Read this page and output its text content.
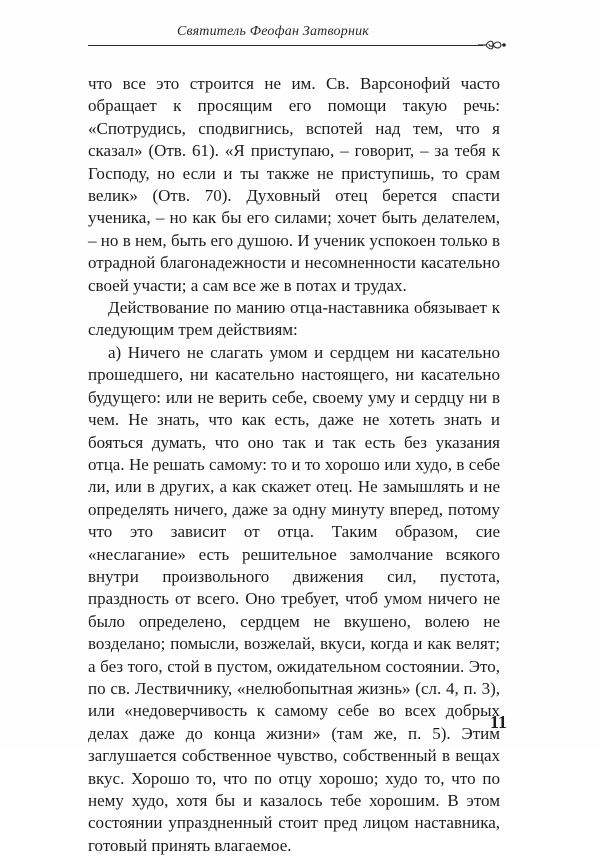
Святитель Феофан Затворник

что все это строится не им. Св. Варсонофий часто обращает к просящим его помощи такую речь: «Спотрудись, сподвигнись, вспотей над тем, что я сказал» (Отв. 61). «Я приступаю, – говорит, – за тебя к Господу, но если и ты также не приступишь, то срам велик» (Отв. 70). Духовный отец берется спасти ученика, – но как бы его силами; хочет быть делателем, – но в нем, быть его душою. И ученик успокоен только в отрадной благонадежности и несомненности касательно своей участи; а сам все же в потах и трудах.

Действование по манию отца-наставника обязывает к следующим трем действиям:

а) Ничего не слагать умом и сердцем ни касательно прошедшего, ни касательно настоящего, ни касательно будущего: или не верить себе, своему уму и сердцу ни в чем. Не знать, что как есть, даже не хотеть знать и бояться думать, что оно так и так есть без указания отца. Не решать самому: то и то хорошо или худо, в себе ли, или в других, а как скажет отец. Не замышлять и не определять ничего, даже за одну минуту вперед, потому что это зависит от отца. Таким образом, сие «неслагание» есть решительное замолчание всякого внутри произвольного движения сил, пустота, праздность от всего. Оно требует, чтоб умом ничего не было определено, сердцем не вкушено, волею не возделано; помысли, возжелай, вкуси, когда и как велят; а без того, стой в пустом, ожидательном состоянии. Это, по св. Лествичнику, «нелюбопытная жизнь» (сл. 4, п. 3), или «недоверчивость к самому себе во всех добрых делах даже до конца жизни» (там же, п. 5). Этим заглушается собственное чувство, собственный в вещах вкус. Хорошо то, что по отцу хорошо; худо то, что по нему худо, хотя бы и казалось тебе хорошим. В этом состоянии упраздненный стоит пред лицом наставника, готовый принять влагаемое.

11
